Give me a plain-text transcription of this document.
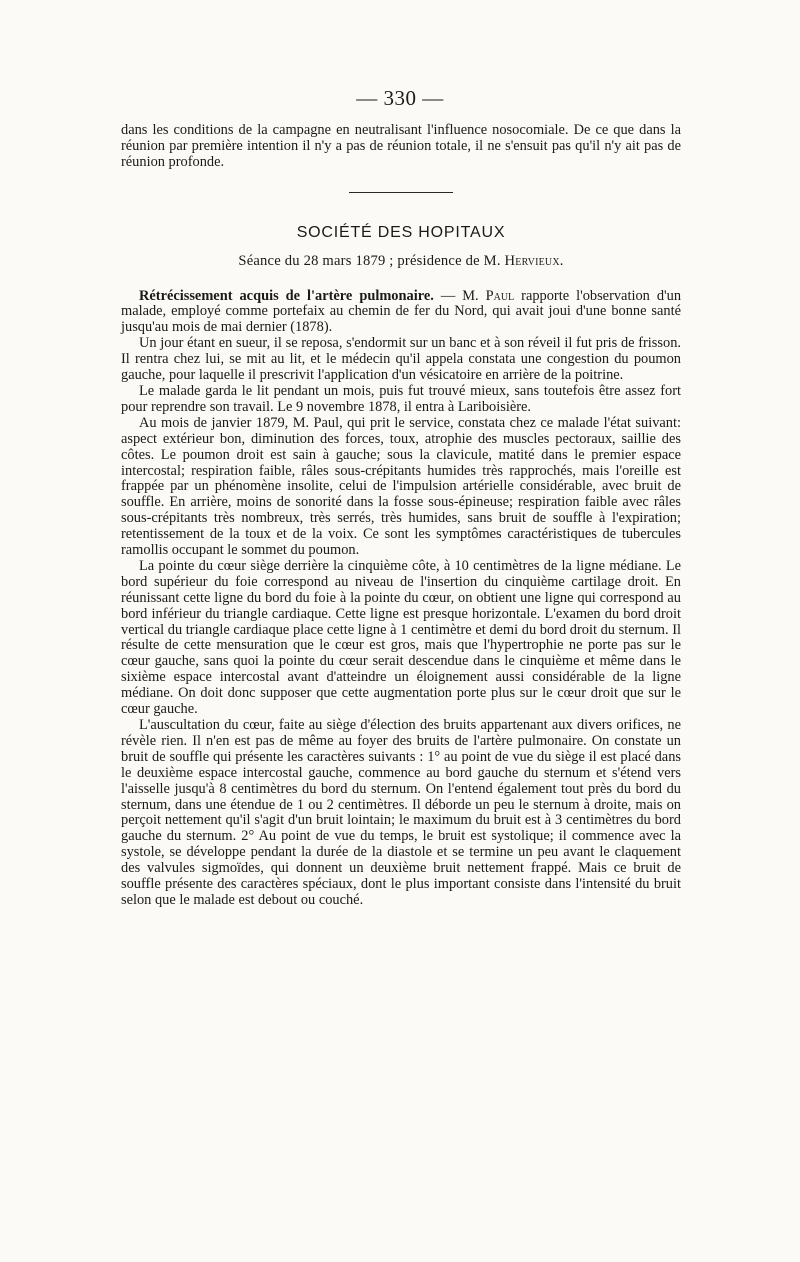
— 330 —

dans les conditions de la campagne en neutralisant l'influence nosocomiale. De ce que dans la réunion par première intention il n'y a pas de réunion totale, il ne s'ensuit pas qu'il n'y ait pas de réunion profonde.

SOCIÉTÉ DES HOPITAUX
Séance du 28 mars 1879 ; présidence de M. Hervieux.

Rétrécissement acquis de l'artère pulmonaire. — M. Paul rapporte l'observation d'un malade, employé comme portefaix au chemin de fer du Nord, qui avait joui d'une bonne santé jusqu'au mois de mai dernier (1878).

Un jour étant en sueur, il se reposa, s'endormit sur un banc et à son réveil il fut pris de frisson. Il rentra chez lui, se mit au lit, et le médecin qu'il appela constata une congestion du poumon gauche, pour laquelle il prescrivit l'application d'un vésicatoire en arrière de la poitrine.

Le malade garda le lit pendant un mois, puis fut trouvé mieux, sans toutefois être assez fort pour reprendre son travail. Le 9 novembre 1878, il entra à Lariboisière.

Au mois de janvier 1879, M. Paul, qui prit le service, constata chez ce malade l'état suivant: aspect extérieur bon, diminution des forces, toux, atrophie des muscles pectoraux, saillie des côtes. Le poumon droit est sain à gauche; sous la clavicule, matité dans le premier espace intercostal; respiration faible, râles sous-crépitants humides très rapprochés, mais l'oreille est frappée par un phénomène insolite, celui de l'impulsion artérielle considérable, avec bruit de souffle. En arrière, moins de sonorité dans la fosse sous-épineuse; respiration faible avec râles sous-crépitants très nombreux, très serrés, très humides, sans bruit de souffle à l'expiration; retentissement de la toux et de la voix. Ce sont les symptômes caractéristiques de tubercules ramollis occupant le sommet du poumon.

La pointe du cœur siège derrière la cinquième côte, à 10 centimètres de la ligne médiane. Le bord supérieur du foie correspond au niveau de l'insertion du cinquième cartilage droit. En réunissant cette ligne du bord du foie à la pointe du cœur, on obtient une ligne qui correspond au bord inférieur du triangle cardiaque. Cette ligne est presque horizontale. L'examen du bord droit vertical du triangle cardiaque place cette ligne à 1 centimètre et demi du bord droit du sternum. Il résulte de cette mensuration que le cœur est gros, mais que l'hypertrophie ne porte pas sur le cœur gauche, sans quoi la pointe du cœur serait descendue dans le cinquième et même dans le sixième espace intercostal avant d'atteindre un éloignement aussi considérable de la ligne médiane. On doit donc supposer que cette augmentation porte plus sur le cœur droit que sur le cœur gauche.

L'auscultation du cœur, faite au siège d'élection des bruits appartenant aux divers orifices, ne révèle rien. Il n'en est pas de même au foyer des bruits de l'artère pulmonaire. On constate un bruit de souffle qui présente les caractères suivants : 1° au point de vue du siège il est placé dans le deuxième espace intercostal gauche, commence au bord gauche du sternum et s'étend vers l'aisselle jusqu'à 8 centimètres du bord du sternum. On l'entend également tout près du bord du sternum, dans une étendue de 1 ou 2 centimètres. Il déborde un peu le sternum à droite, mais on perçoit nettement qu'il s'agit d'un bruit lointain; le maximum du bruit est à 3 centimètres du bord gauche du sternum. 2° Au point de vue du temps, le bruit est systolique; il commence avec la systole, se développe pendant la durée de la diastole et se termine un peu avant le claquement des valvules sigmoïdes, qui donnent un deuxième bruit nettement frappé. Mais ce bruit de souffle présente des caractères spéciaux, dont le plus important consiste dans l'intensité du bruit selon que le malade est debout ou couché.
